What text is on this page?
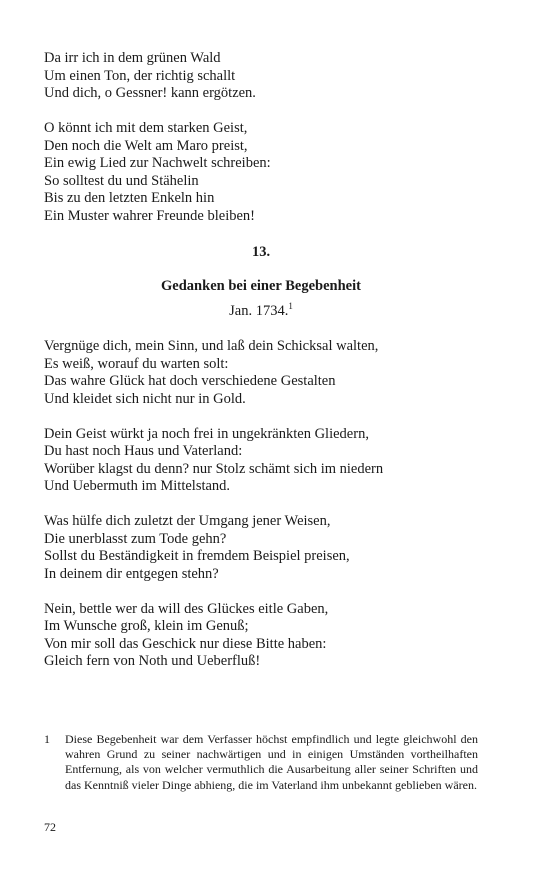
Da irr ich in dem grünen Wald
Um einen Ton, der richtig schallt
Und dich, o Gessner! kann ergötzen.
O könnt ich mit dem starken Geist,
Den noch die Welt am Maro preist,
Ein ewig Lied zur Nachwelt schreiben:
So solltest du und Stähelin
Bis zu den letzten Enkeln hin
Ein Muster wahrer Freunde bleiben!
13.
Gedanken bei einer Begebenheit
Jan. 1734.$^1$
Vergnüge dich, mein Sinn, und laß dein Schicksal walten,
Es weiß, worauf du warten solt:
Das wahre Glück hat doch verschiedene Gestalten
Und kleidet sich nicht nur in Gold.
Dein Geist würkt ja noch frei in ungekränkten Gliedern,
Du hast noch Haus und Vaterland:
Worüber klagst du denn? nur Stolz schämt sich im niedern
Und Uebermuth im Mittelstand.
Was hülfe dich zuletzt der Umgang jener Weisen,
Die unerblasst zum Tode gehn?
Sollst du Beständigkeit in fremdem Beispiel preisen,
In deinem dir entgegen stehn?
Nein, bettle wer da will des Glückes eitle Gaben,
Im Wunsche groß, klein im Genuß;
Von mir soll das Geschick nur diese Bitte haben:
Gleich fern von Noth und Ueberfluß!
1 Diese Begebenheit war dem Verfasser höchst empfindlich und legte gleichwohl den wahren Grund zu seiner nachwärtigen und in einigen Umständen vortheilhaften Entfernung, als von welcher vermuthlich die Ausarbeitung aller seiner Schriften und das Kenntniß vieler Dinge abhieng, die im Vaterland ihm unbekannt geblieben wären.
72
